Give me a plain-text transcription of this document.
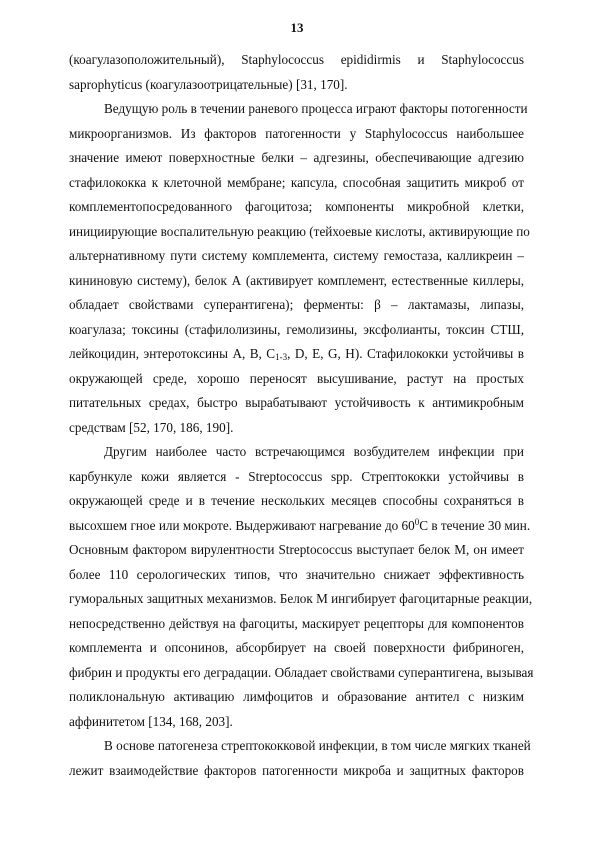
13
(коагулазоположительный), Staphylococcus epididirmis и Staphylococcus
saprophyticus (коагулазоотрицательные) [31, 170].
Ведущую роль в течении раневого процесса играют факторы потогенности
микроорганизмов. Из факторов патогенности у Staphylococcus наибольшее
значение имеют поверхностные белки – адгезины, обеспечивающие адгезию
стафилококка к клеточной мембране; капсула, способная защитить микроб от
комплементопосредованного фагоцитоза; компоненты микробной клетки,
инициирующие воспалительную реакцию (тейхоевые кислоты, активирующие по
альтернативному пути систему комплемента, систему гемостаза, калликреин –
кининовую систему), белок А (активирует комплемент, естественные киллеры,
обладает свойствами суперантигена); ферменты: β – лактамазы, липазы,
коагулаза; токсины (стафилолизины, гемолизины, эксфолианты, токсин СТШ,
лейкоцидин, энтеротоксины A, B, $C_{1-3}$, D, E, G, H). Стафилококки устойчивы в
окружающей среде, хорошо переносят высушивание, растут на простых
питательных средах, быстро вырабатывают устойчивость к антимикробным
средствам [52, 170, 186, 190].
Другим наиболее часто встречающимся возбудителем инфекции при
карбункуле кожи является - Streptococcus spp. Стрептококки устойчивы в
окружающей среде и в течение нескольких месяцев способны сохраняться в
высохшем гное или мокроте. Выдерживают нагревание до $60^0С$ в течение 30 мин.
Основным фактором вирулентности Streptococcus выступает белок М, он имеет
более 110 серологических типов, что значительно снижает эффективность
гуморальных защитных механизмов. Белок М ингибирует фагоцитарные реакции,
непосредственно действуя на фагоциты, маскирует рецепторы для компонентов
комплемента и опсонинов, абсорбирует на своей поверхности фибриноген,
фибрин и продукты его деградации. Обладает свойствами суперантигена, вызывая
поликлональную активацию лимфоцитов и образование антител с низким
аффинитетом [134, 168, 203].
В основе патогенеза стрептококковой инфекции, в том числе мягких тканей
лежит взаимодействие факторов патогенности микроба и защитных факторов
